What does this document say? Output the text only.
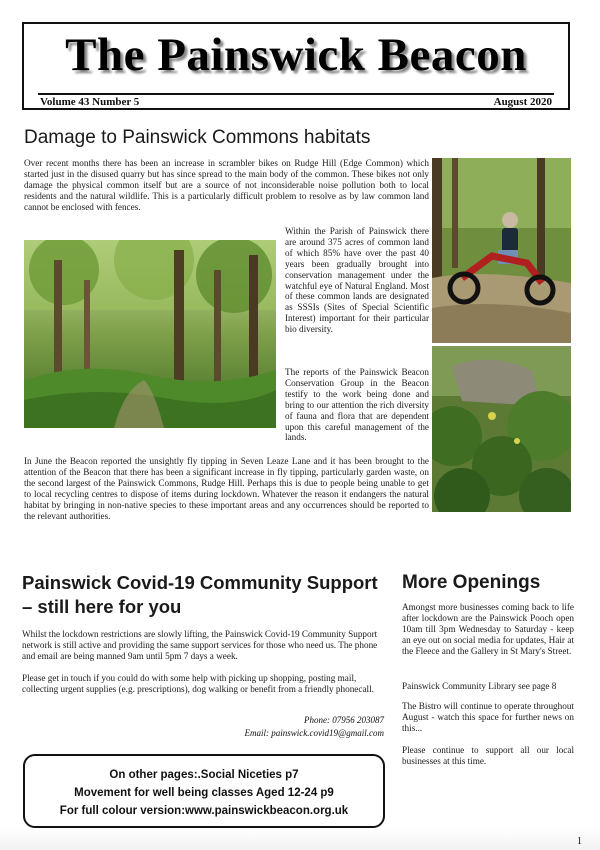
The Painswick Beacon
Volume 43 Number 5	August 2020
Damage to Painswick Commons habitats
Over recent months there has been an increase in scrambler bikes on Rudge Hill (Edge Common) which started just in the disused quarry but has since spread to the main body of the common. These bikes not only damage the physical common itself but are a source of not inconsiderable noise pollution both to local residents and the natural wildlife. This is a particularly difficult problem to resolve as by law common land cannot be enclosed with fences.
Within the Parish of Painswick there are around 375 acres of common land of which 85% have over the past 40 years been gradually brought into conservation management under the watchful eye of Natural England. Most of these common lands are designated as SSSIs (Sites of Special Scientific Interest) important for their particular bio diversity.
The reports of the Painswick Beacon Conservation Group in the Beacon testify to the work being done and bring to our attention the rich diversity of fauna and flora that are dependent upon this careful management of the lands.
In June the Beacon reported the unsightly fly tipping in Seven Leaze Lane and it has been brought to the attention of the Beacon that there has been a significant increase in fly tipping, particularly garden waste, on the second largest of the Painswick Commons, Rudge Hill. Perhaps this is due to people being unable to get to local recycling centres to dispose of items during lockdown. Whatever the reason it endangers the natural habitat by bringing in non-native species to these important areas and any occurrences should be reported to the relevant authorities.
Painswick Covid-19 Community Support
– still here for you
Whilst the lockdown restrictions are slowly lifting, the Painswick Covid-19 Community Support network is still active and providing the same support services for those who need us. The phone and email are being manned 9am until 5pm 7 days a week.
Please get in touch if you could do with some help with picking up shopping, posting mail, collecting urgent supplies (e.g. prescriptions), dog walking or benefit from a friendly phonecall.
Phone: 07956 203087
Email: painswick.covid19@gmail.com
More Openings
Amongst more businesses coming back to life after lockdown are the Painswick Pooch open 10am till 3pm Wednesday to Saturday - keep an eye out on social media for updates, Hair at the Fleece and the Gallery in St Mary's Street.
Painswick Community Library see page 8
The Bistro will continue to operate throughout August - watch this space for further news on this...
Please continue to support all our local businesses at this time.
On other pages:.Social Niceties p7
Movement for well being classes Aged 12-24 p9
For full colour version:www.painswickbeacon.org.uk
1
